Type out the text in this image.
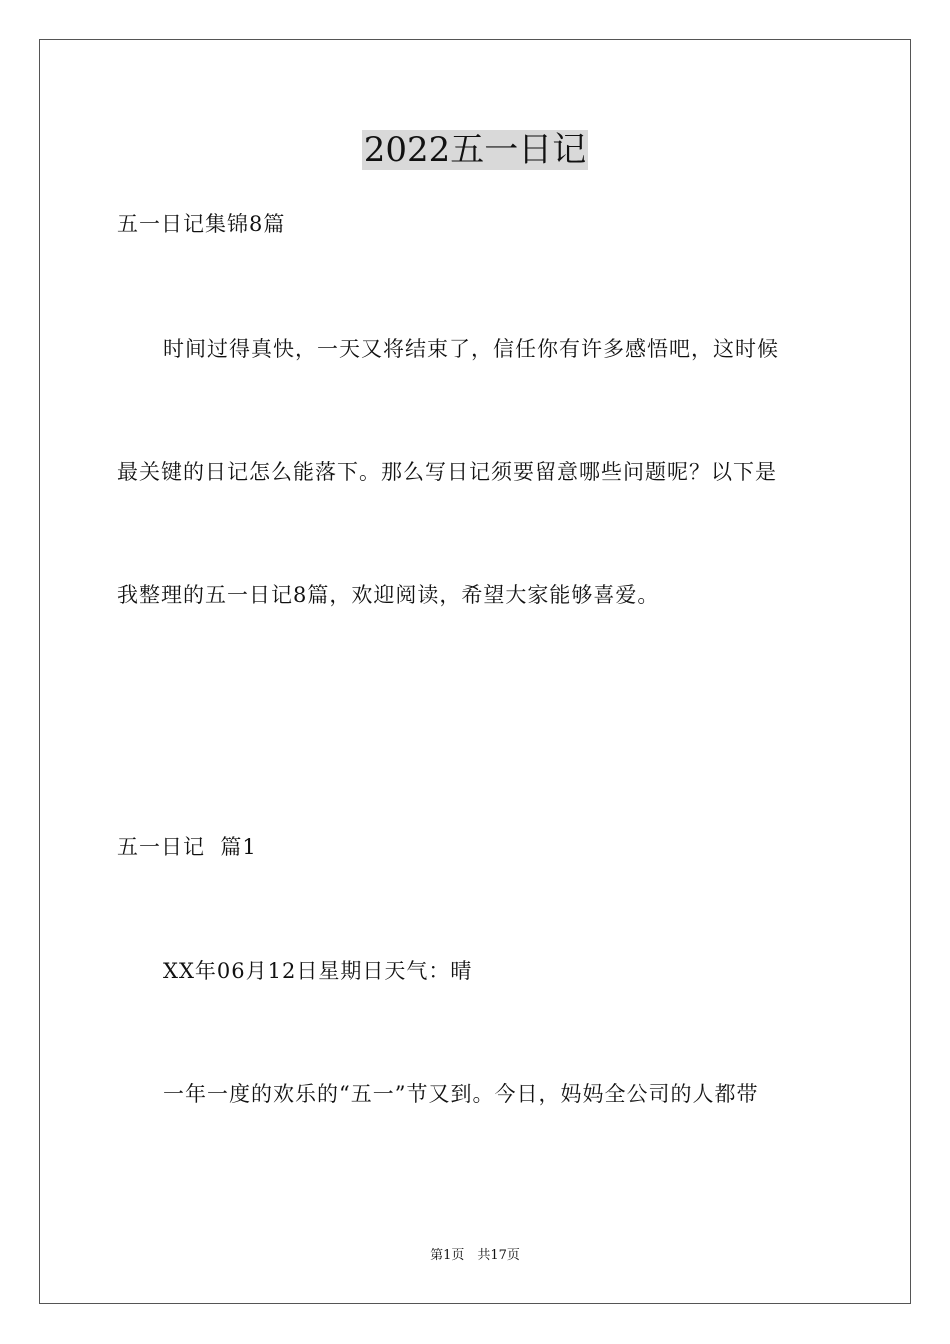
2022五一日记
五一日记集锦8篇
时间过得真快，一天又将结束了，信任你有许多感悟吧，这时候
最关键的日记怎么能落下。那么写日记须要留意哪些问题呢？以下是
我整理的五一日记8篇，欢迎阅读，希望大家能够喜爱。
五一日记  篇1
XX年06月12日星期日天气：晴
一年一度的欢乐的“五一”节又到。今日，妈妈全公司的人都带
第1页　共17页
